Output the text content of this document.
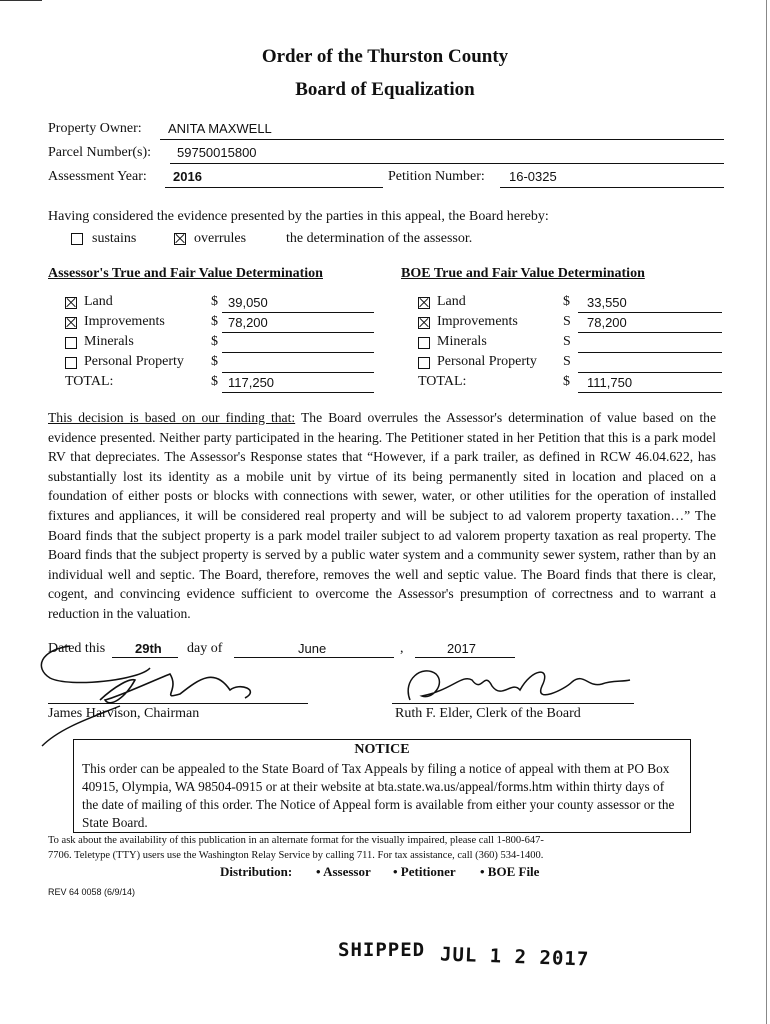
Order of the Thurston County
Board of Equalization
Property Owner: ANITA MAXWELL
Parcel Number(s): 59750015800
Assessment Year: 2016	Petition Number: 16-0325
Having considered the evidence presented by the parties in this appeal, the Board hereby:
sustains	overrules	the determination of the assessor.
Assessor's True and Fair Value Determination	BOE True and Fair Value Determination
Land	$ 39,050
Improvements	$ 78,200
Minerals	$
Personal Property $
TOTAL:	$ 117,250
Land	$ 33,550
Improvements	S 78,200
Minerals	S
Personal Property S
TOTAL:	$ 111,750
This decision is based on our finding that: The Board overrules the Assessor's determination of value based on the evidence presented. Neither party participated in the hearing. The Petitioner stated in her Petition that this is a park model RV that depreciates. The Assessor's Response states that “However, if a park trailer, as defined in RCW 46.04.622, has substantially lost its identity as a mobile unit by virtue of its being permanently sited in location and placed on a foundation of either posts or blocks with connections with sewer, water, or other utilities for the operation of installed fixtures and appliances, it will be considered real property and will be subject to ad valorem property taxation…” The Board finds that the subject property is a park model trailer subject to ad valorem property taxation as real property. The Board finds that the subject property is served by a public water system and a community sewer system, rather than by an individual well and septic. The Board, therefore, removes the well and septic value. The Board finds that there is clear, cogent, and convincing evidence sufficient to overcome the Assessor's presumption of correctness and to warrant a reduction in the valuation.
Dated this 29th day of	June	,	2017
James Harvison, Chairman	Ruth F. Elder, Clerk of the Board
NOTICE
This order can be appealed to the State Board of Tax Appeals by filing a notice of appeal with them at PO Box 40915, Olympia, WA 98504-0915 or at their website at bta.state.wa.us/appeal/forms.htm within thirty days of the date of mailing of this order. The Notice of Appeal form is available from either your county assessor or the State Board.
To ask about the availability of this publication in an alternate format for the visually impaired, please call 1-800-647-
7706. Teletype (TTY) users use the Washington Relay Service by calling 711. For tax assistance, call (360) 534-1400.
Distribution: • Assessor • Petitioner • BOE File
REV 64 0058 (6/9/14)
SHIPPED JUL 1 2 2017
